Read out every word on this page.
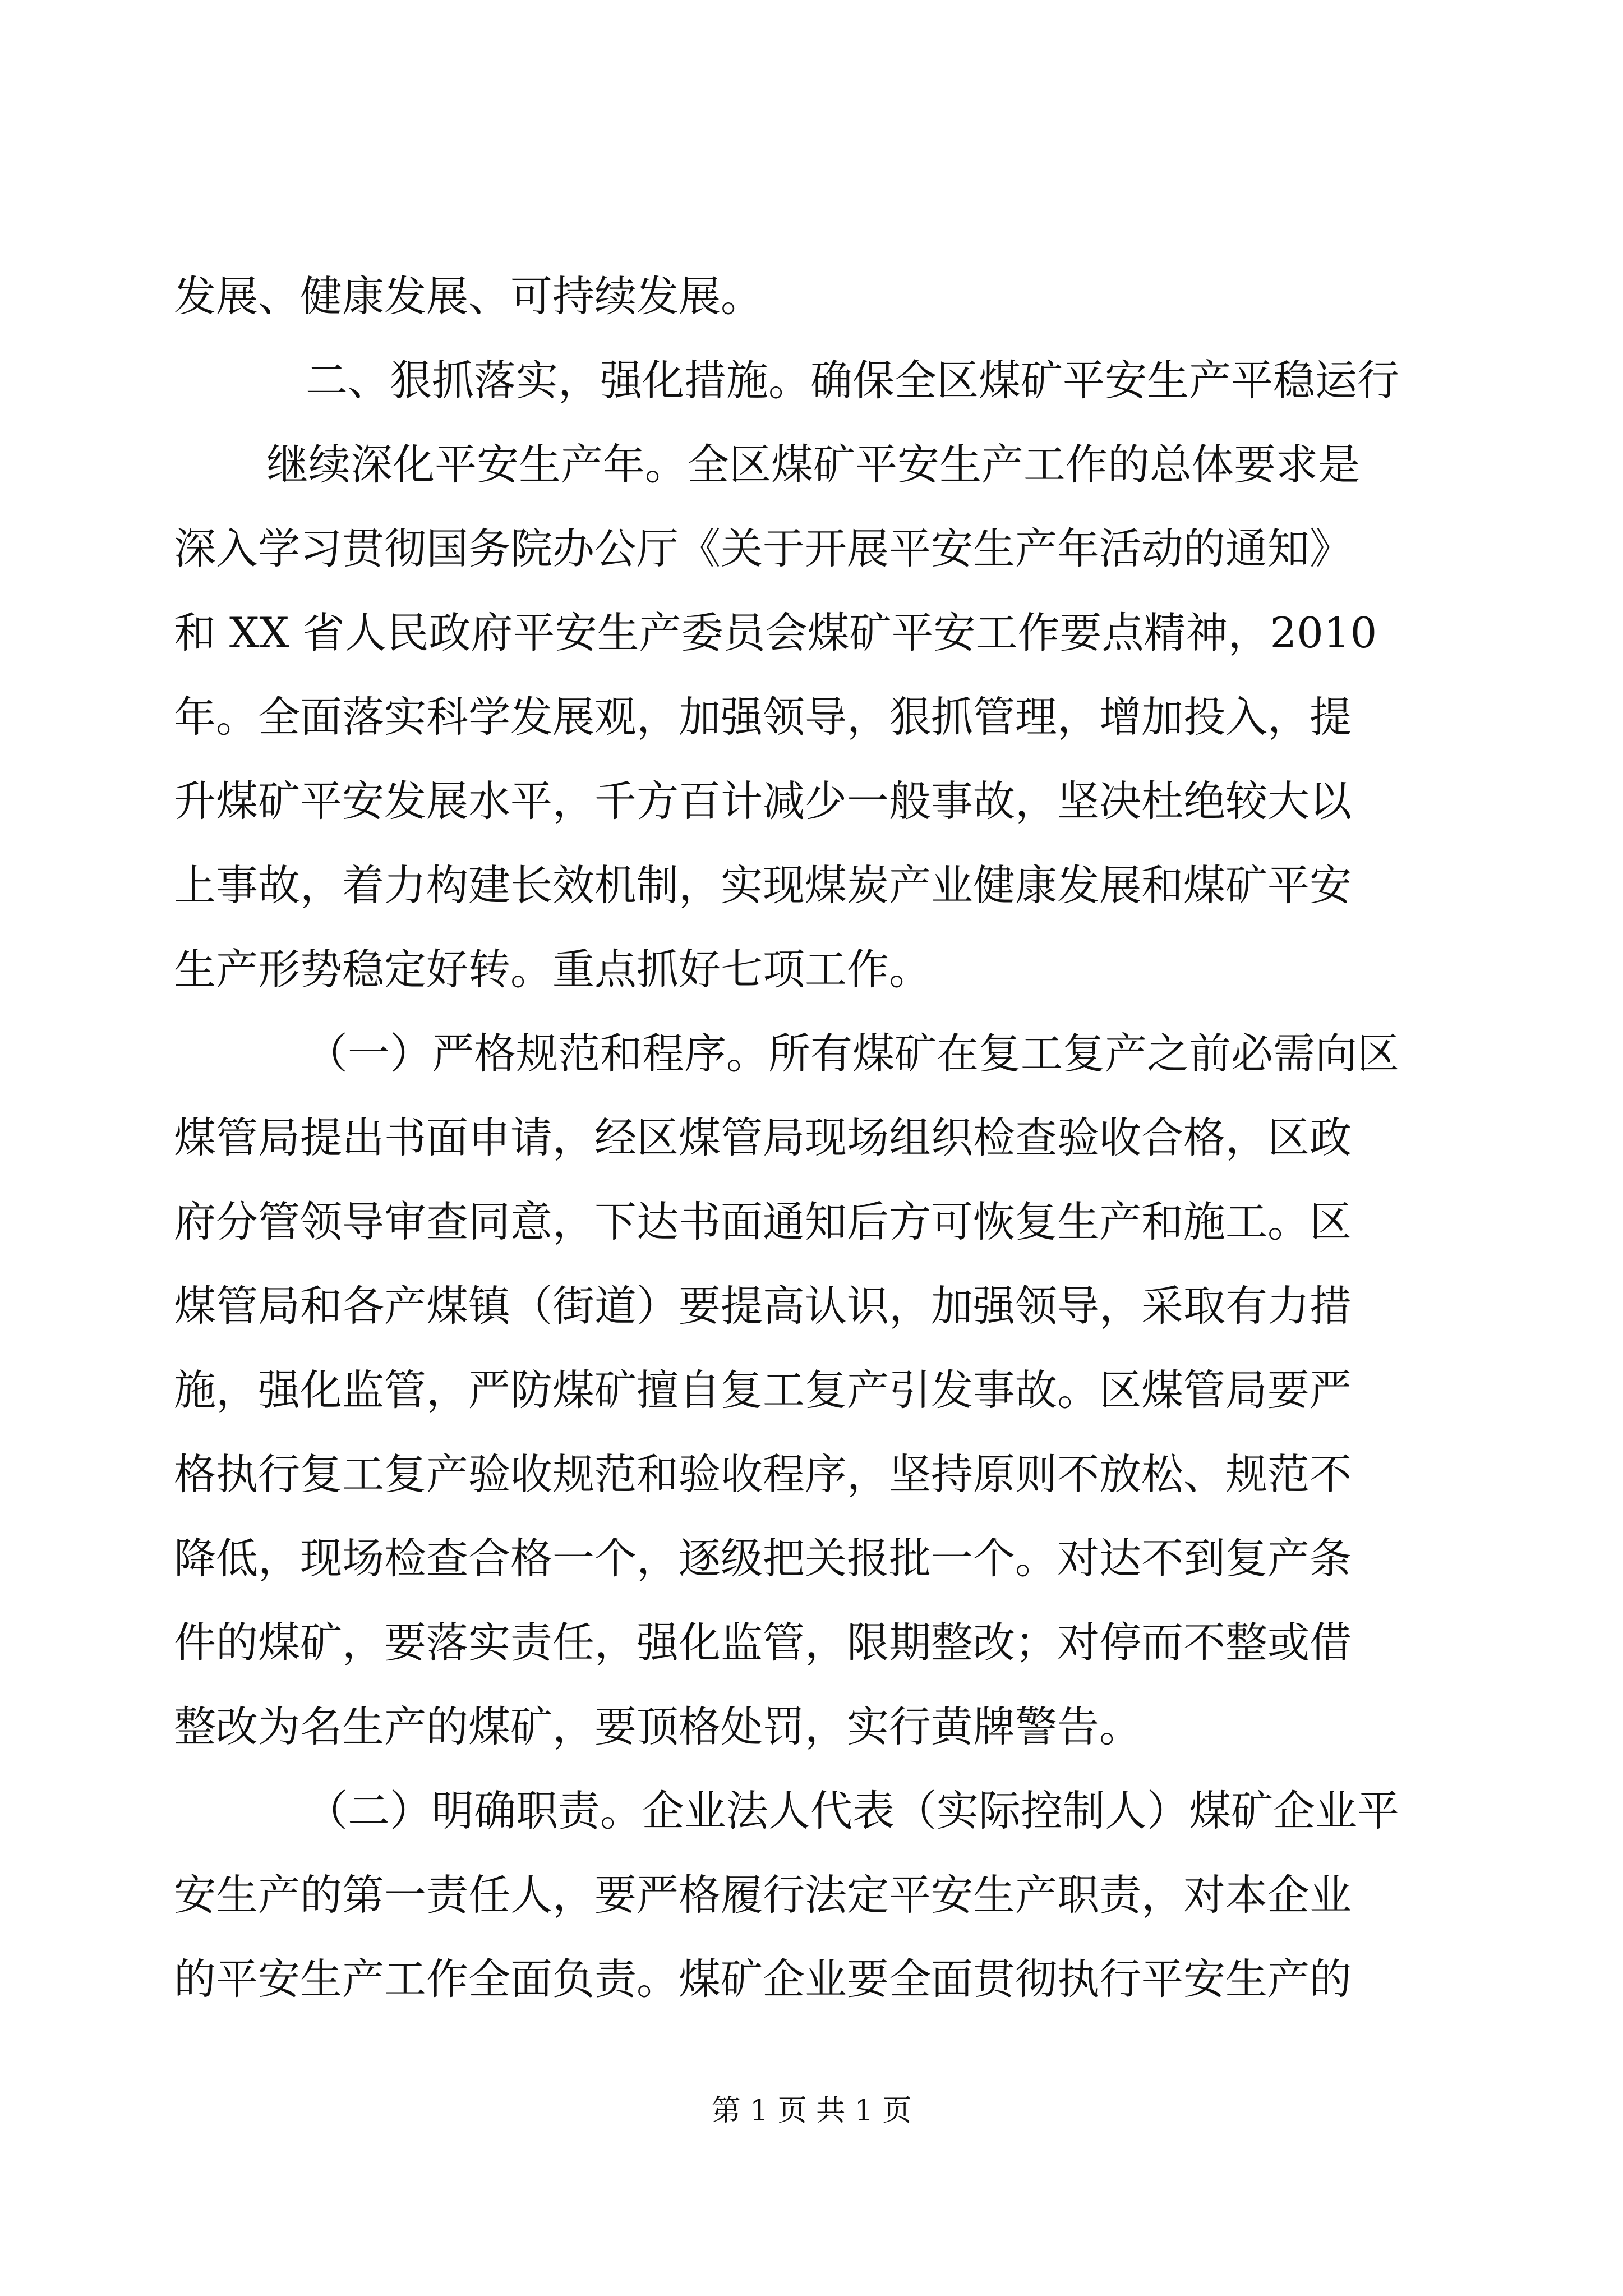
发展、健康发展、可持续发展。
二、狠抓落实，强化措施。确保全区煤矿平安生产平稳运行
继续深化平安生产年。全区煤矿平安生产工作的总体要求是
深入学习贯彻国务院办公厅《关于开展平安生产年活动的通知》
和 XX 省人民政府平安生产委员会煤矿平安工作要点精神，2010
年。全面落实科学发展观，加强领导，狠抓管理，增加投入，提
升煤矿平安发展水平，千方百计减少一般事故，坚决杜绝较大以
上事故，着力构建长效机制，实现煤炭产业健康发展和煤矿平安
生产形势稳定好转。重点抓好七项工作。
（一）严格规范和程序。所有煤矿在复工复产之前必需向区
煤管局提出书面申请，经区煤管局现场组织检查验收合格，区政
府分管领导审查同意，下达书面通知后方可恢复生产和施工。区
煤管局和各产煤镇（街道）要提高认识，加强领导，采取有力措
施，强化监管，严防煤矿擅自复工复产引发事故。区煤管局要严
格执行复工复产验收规范和验收程序，坚持原则不放松、规范不
降低，现场检查合格一个，逐级把关报批一个。对达不到复产条
件的煤矿，要落实责任，强化监管，限期整改；对停而不整或借
整改为名生产的煤矿，要顶格处罚，实行黄牌警告。
（二）明确职责。企业法人代表（实际控制人）煤矿企业平
安生产的第一责任人，要严格履行法定平安生产职责，对本企业
的平安生产工作全面负责。煤矿企业要全面贯彻执行平安生产的
第 1 页 共 1 页
